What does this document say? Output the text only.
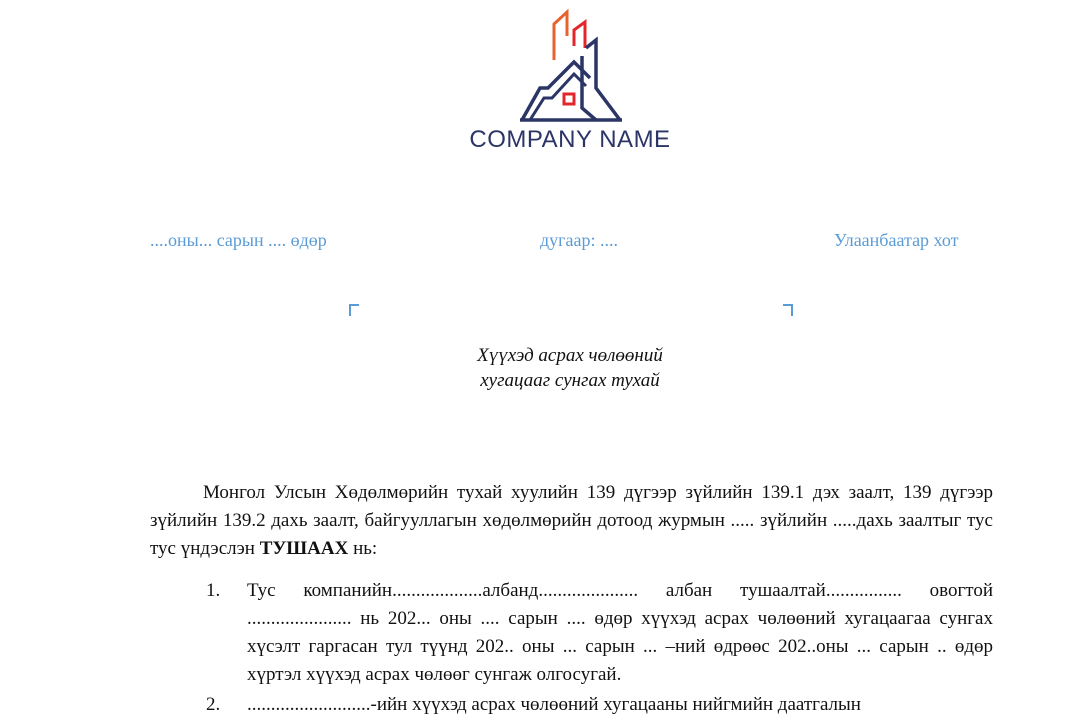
COMPANY NAME
....оны... сарын .... өдөр	дугаар: ....	Улаанбаатар хот
Хүүхэд асрах чөлөөний
хугацааг сунгах тухай
Монгол Улсын Хөдөлмөрийн тухай хуулийн 139 дүгээр зүйлийн 139.1 дэх заалт, 139 дүгээр зүйлийн 139.2 дахь заалт, байгууллагын хөдөлмөрийн дотоод журмын ..... зүйлийн .....дахь заалтыг тус тус үндэслэн ТУШААХ нь:
1. Тус компанийн...................албанд..................... албан тушаалтай................ овогтой ...................... нь 202... оны .... сарын .... өдөр хүүхэд асрах чөлөөний хугацаагаа сунгах хүсэлт гаргасан тул түүнд 202.. оны ... сарын ... –ний өдрөөс 202..оны ... сарын .. өдөр хүртэл хүүхэд асрах чөлөөг сунгаж олгосугай.
2. ..........................-ийн хүүхэд асрах чөлөөний хугацааны нийгмийн даатгалын
